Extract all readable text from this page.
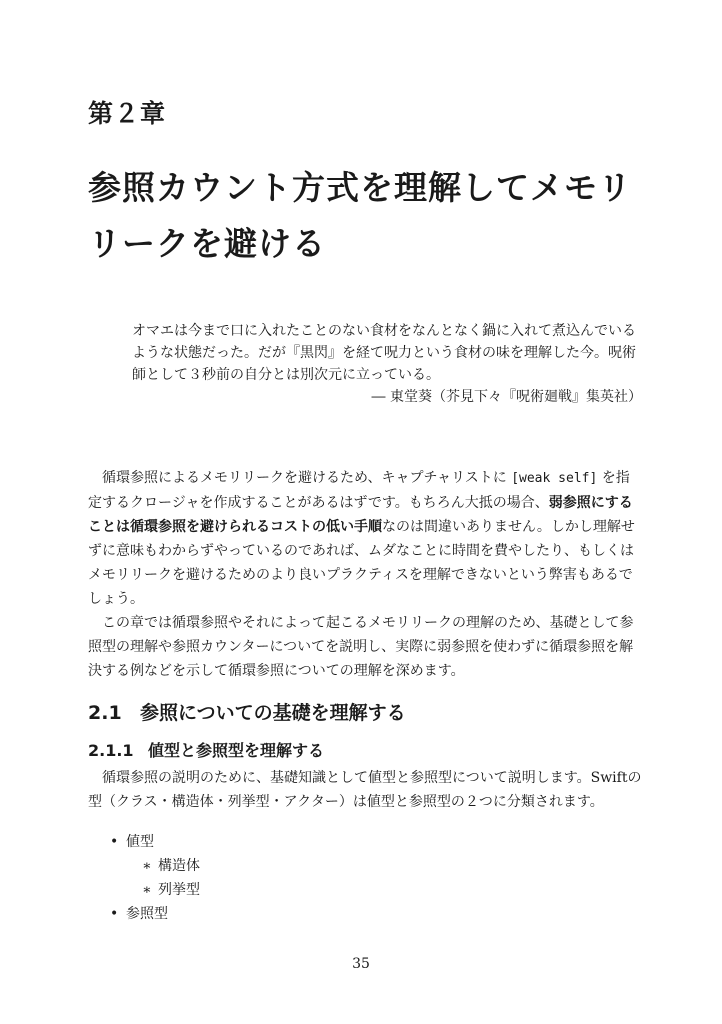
第２章
参照カウント方式を理解してメモリリークを避ける
オマエは今まで口に入れたことのない食材をなんとなく鍋に入れて煮込んでいるような状態だった。だが『黒閃』を経て呪力という食材の味を理解した今。呪術師として３秒前の自分とは別次元に立っている。
― 東堂葵（芥見下々『呪術廻戦』集英社）

循環参照によるメモリリークを避けるため、キャプチャリストに [weak self] を指定するクロージャを作成することがあるはずです。もちろん大抵の場合、弱参照にすることは循環参照を避けられるコストの低い手順なのは間違いありません。しかし理解せずに意味もわからずやっているのであれば、ムダなことに時間を費やしたり、もしくはメモリリークを避けるためのより良いプラクティスを理解できないという弊害もあるでしょう。

この章では循環参照やそれによって起こるメモリリークの理解のため、基礎として参照型の理解や参照カウンターについてを説明し、実際に弱参照を使わずに循環参照を解決する例などを示して循環参照についての理解を深めます。

2.1 参照についての基礎を理解する
2.1.1 値型と参照型を理解する

循環参照の説明のために、基礎知識として値型と参照型について説明します。Swiftの型（クラス・構造体・列挙型・アクター）は値型と参照型の２つに分類されます。

• 値型
∗ 構造体
∗ 列挙型
• 参照型
35
